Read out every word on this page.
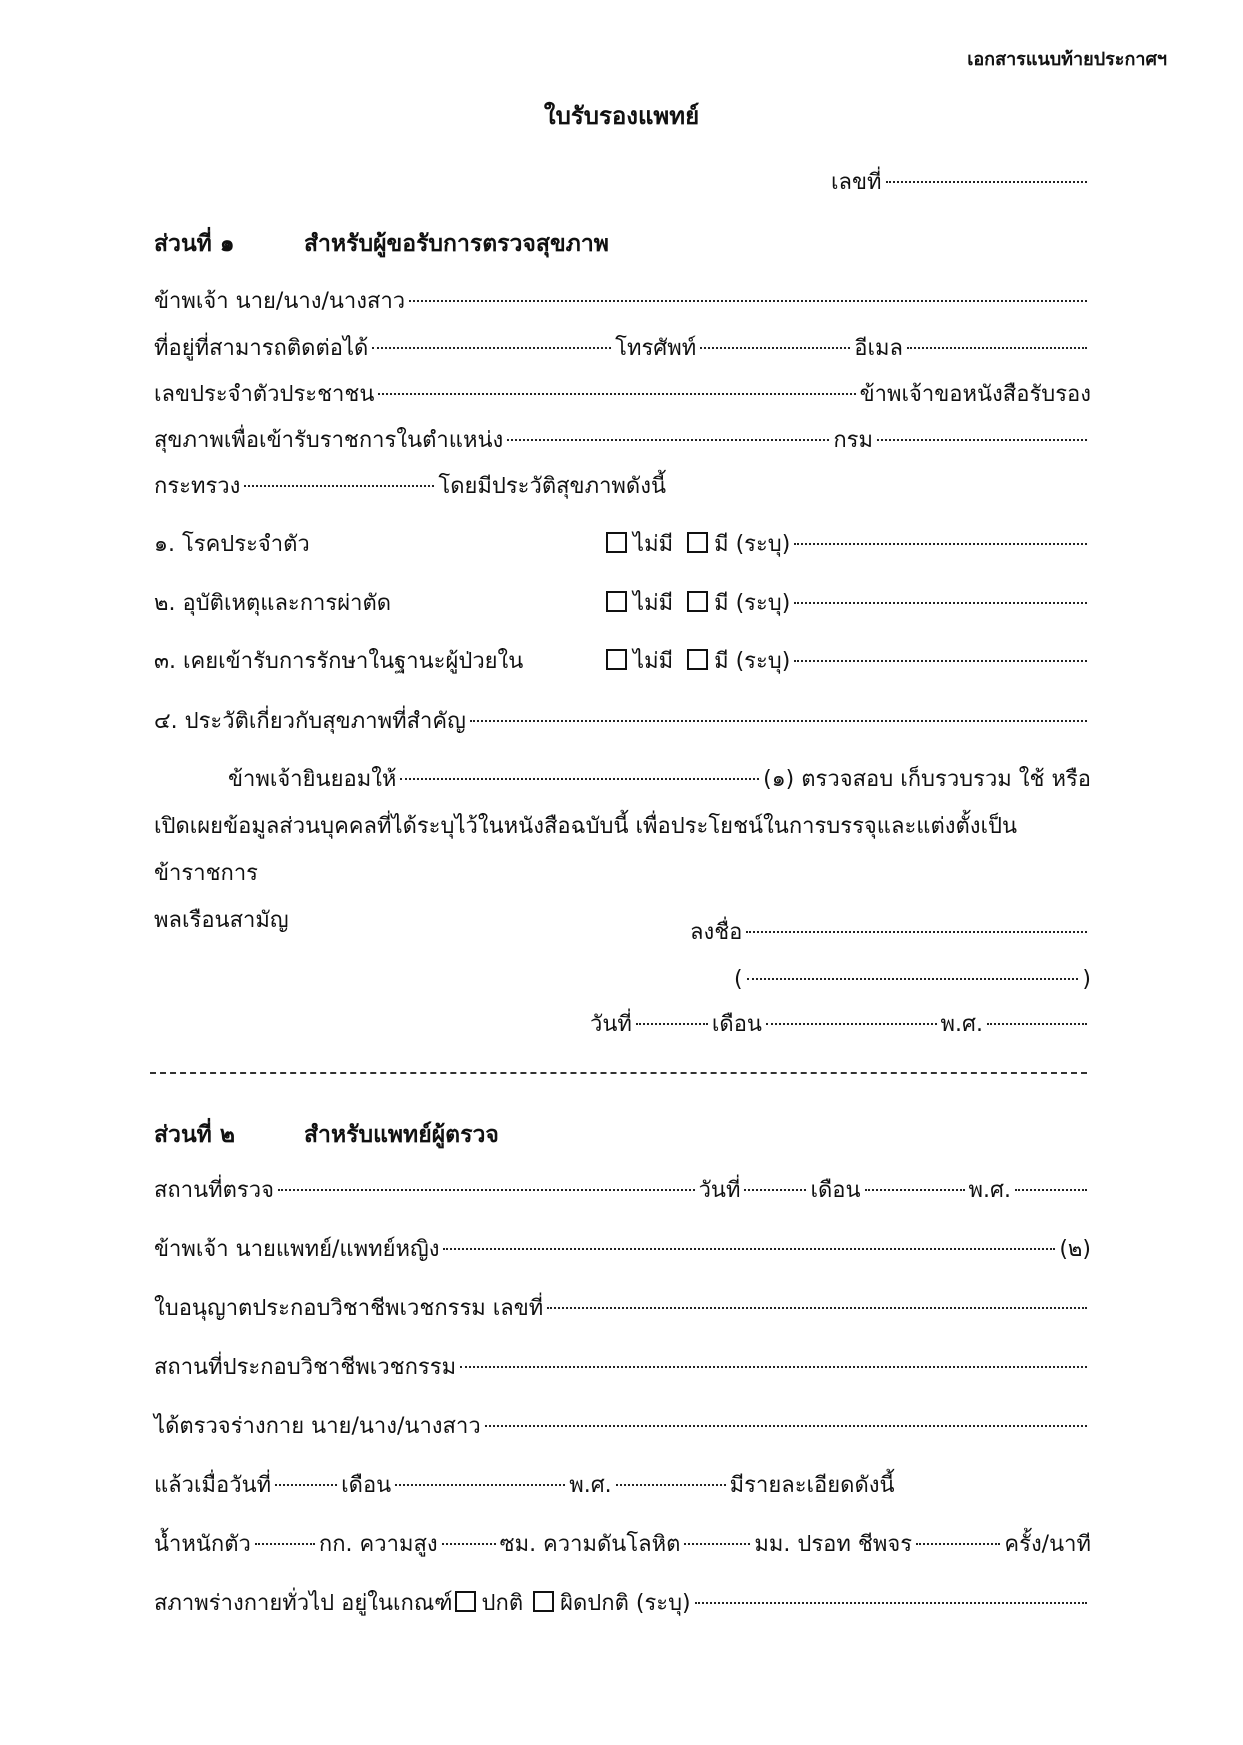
เอกสารแนบท้ายประกาศฯ
ใบรับรองแพทย์
เลขที่
ส่วนที่ ๑	สำหรับผู้ขอรับการตรวจสุขภาพ
ข้าพเจ้า นาย/นาง/นางสาว
ที่อยู่ที่สามารถติดต่อได้	โทรศัพท์	อีเมล
เลขประจำตัวประชาชน	ข้าพเจ้าขอหนังสือรับรอง
สุขภาพเพื่อเข้ารับราชการในตำแหน่ง	กรม
กระทรวง	โดยมีประวัติสุขภาพดังนี้
๑. โรคประจำตัว	ไม่มี มี (ระบุ)
๒. อุบัติเหตุและการผ่าตัด	ไม่มี มี (ระบุ)
๓. เคยเข้ารับการรักษาในฐานะผู้ป่วยใน	ไม่มี มี (ระบุ)
๔. ประวัติเกี่ยวกับสุขภาพที่สำคัญ
ข้าพเจ้ายินยอมให้	(๑) ตรวจสอบ เก็บรวบรวม ใช้ หรือ
เปิดเผยข้อมูลส่วนบุคคลที่ได้ระบุไว้ในหนังสือฉบับนี้ เพื่อประโยชน์ในการบรรจุและแต่งตั้งเป็นข้าราชการ
พลเรือนสามัญ	ลงชื่อ
(	)
วันที่	เดือน	พ.ศ.
ส่วนที่ ๒	สำหรับแพทย์ผู้ตรวจ
สถานที่ตรวจ	วันที่	เดือน	พ.ศ.
ข้าพเจ้า นายแพทย์/แพทย์หญิง	(๒)
ใบอนุญาตประกอบวิชาชีพเวชกรรม เลขที่
สถานที่ประกอบวิชาชีพเวชกรรม
ได้ตรวจร่างกาย นาย/นาง/นางสาว
แล้วเมื่อวันที่	เดือน	พ.ศ.	มีรายละเอียดดังนี้
น้ำหนักตัว	กก. ความสูง	ซม. ความดันโลหิต	มม. ปรอท ชีพจร	ครั้ง/นาที
สภาพร่างกายทั่วไป อยู่ในเกณฑ์ ปกติ ผิดปกติ (ระบุ)
